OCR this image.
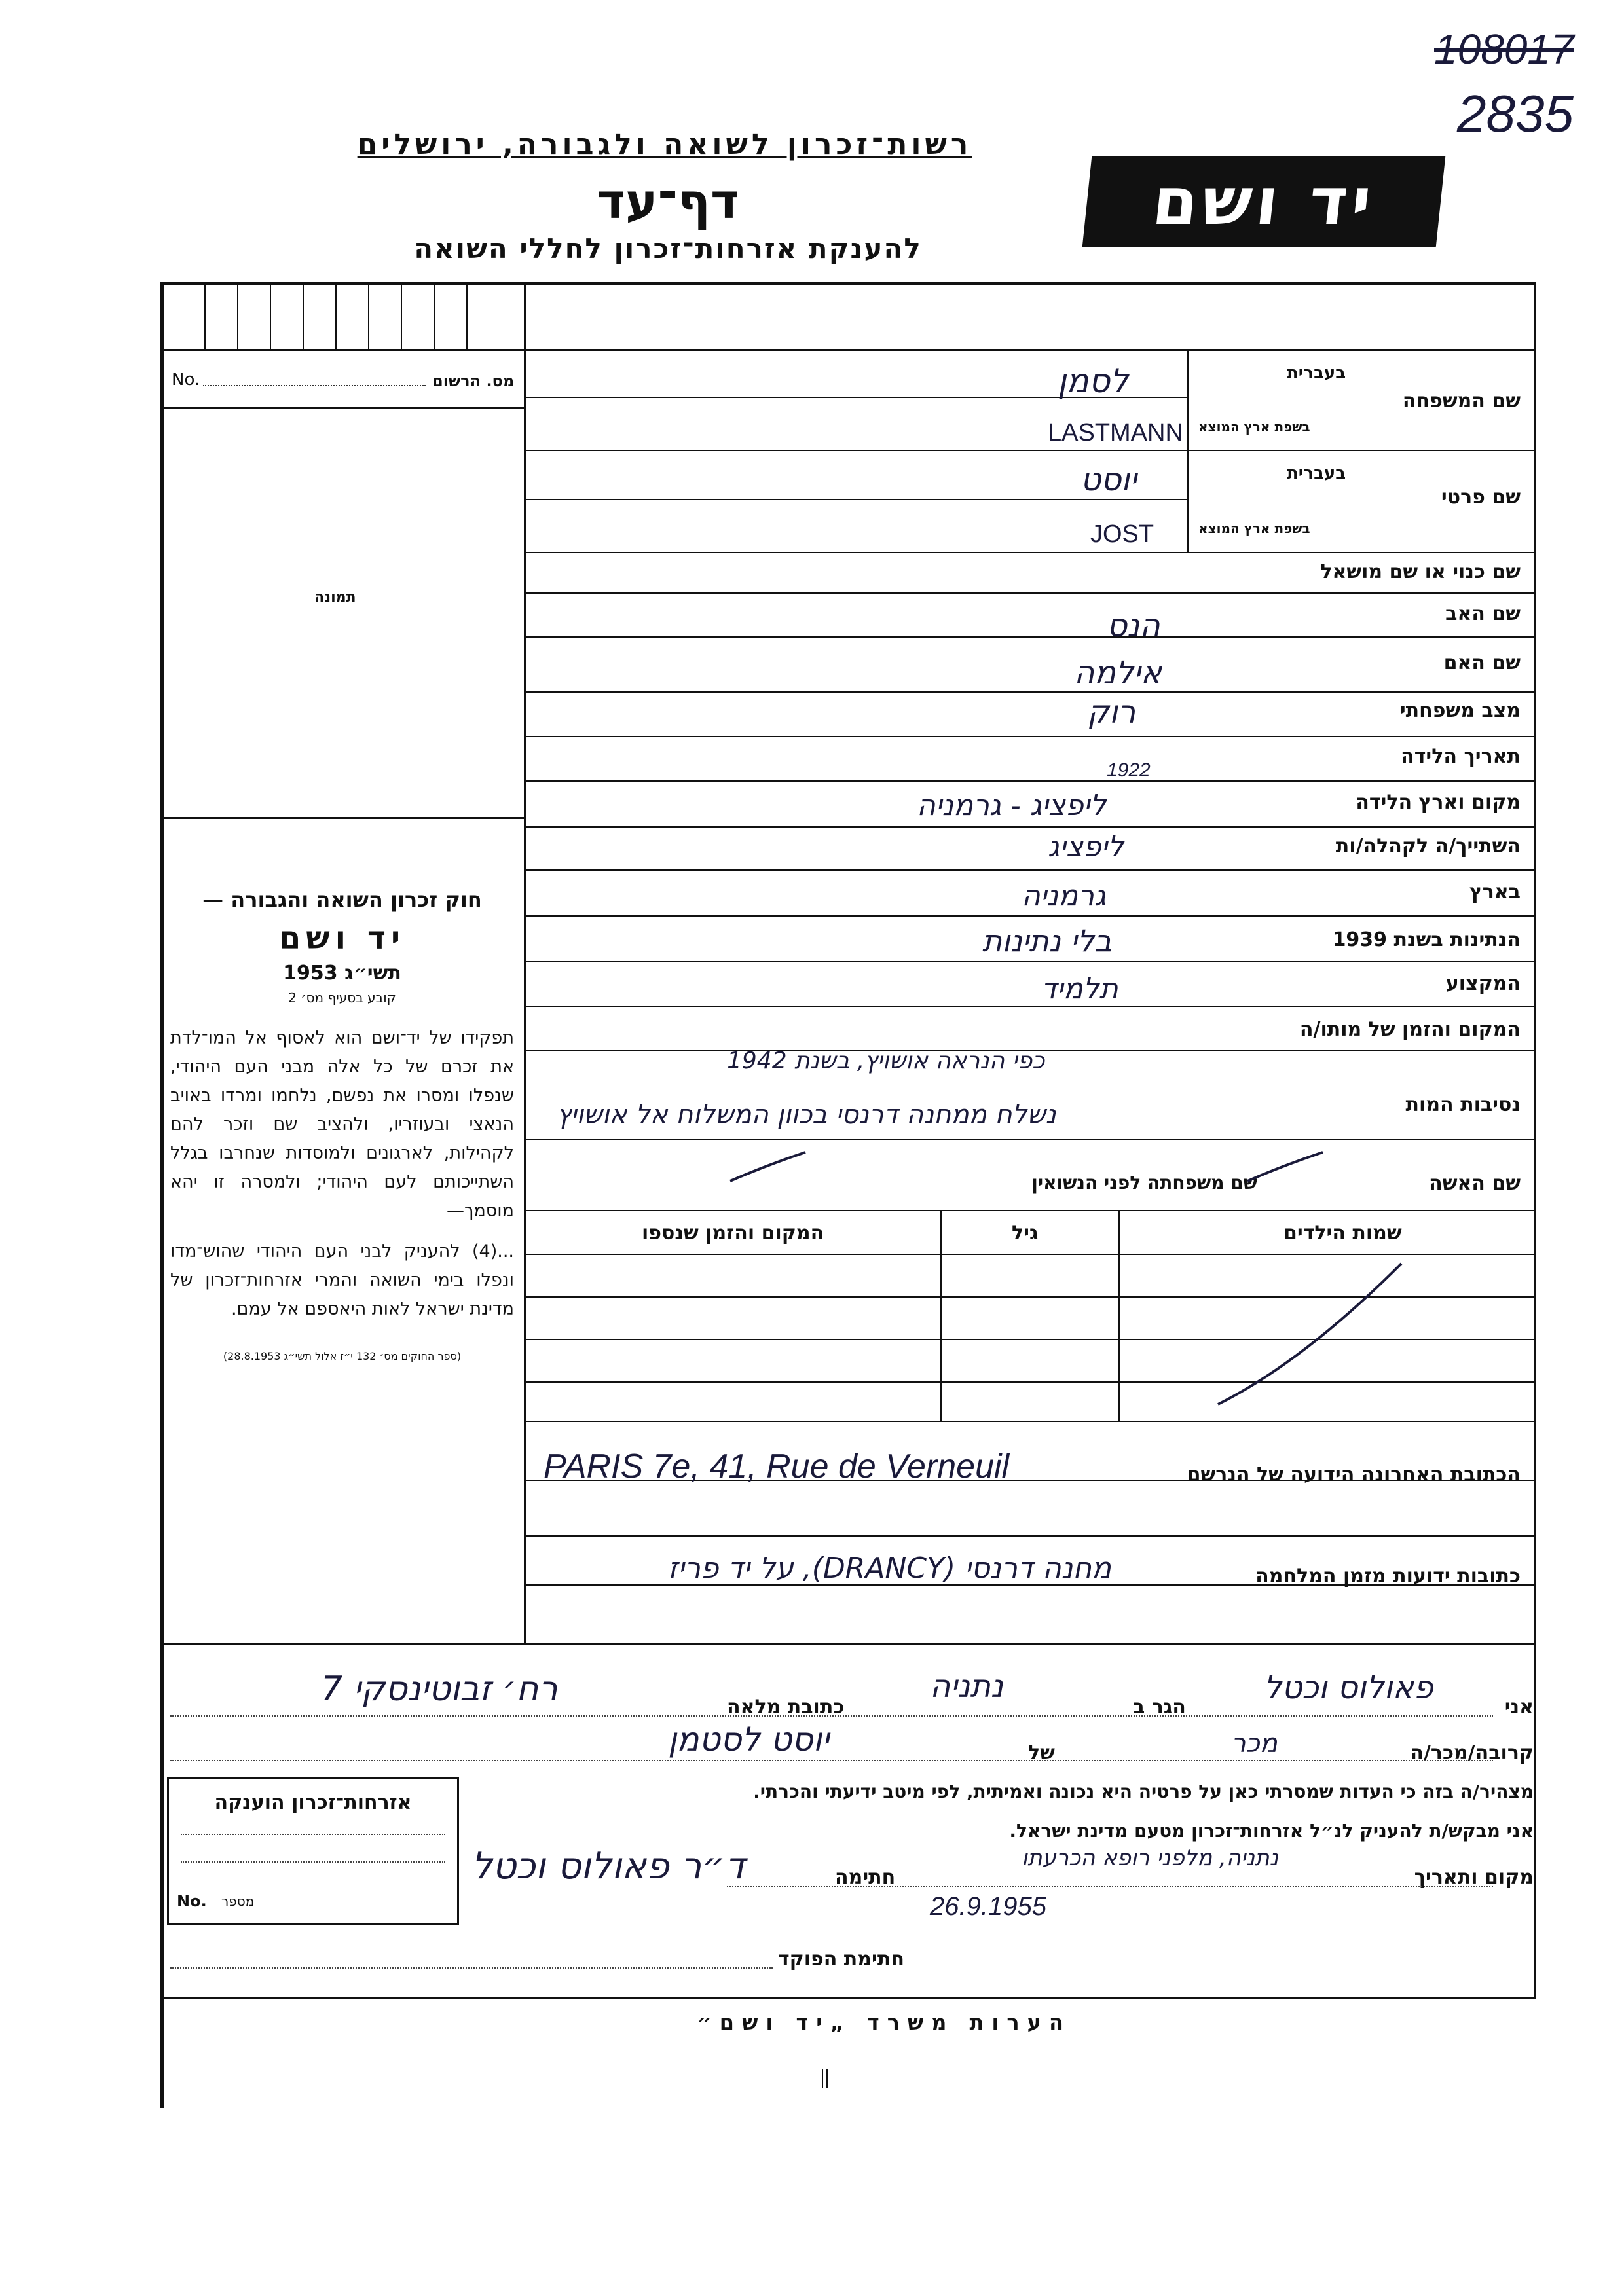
108017
2835
רשות־זכרון לשואה ולגבורה, ירושלים
דף־עד
להענקת אזרחות־זכרון לחללי השואה
יד ושם
No.	מס. הרשום
תמונה

חוק זכרון השואה והגבורה —

יד ושם

תשי״ג 1953

קובע בסעיף מס׳ 2

תפקידו של יד־ושם הוא לאסוף אל המו־לדת את זכרם של כל אלה מבני העם היהודי, שנפלו ומסרו את נפשם, נלחמו ומרדו באויב הנאצי ובעוזריו, ולהציב שם וזכר להם לקהילות, לארגונים ולמוסדות שנחרבו בגלל השתייכותם לעם היהודי; ולמסרה זו יהא מוסמך—

...(4) להעניק לבני העם היהודי שהוש־מדו ונפלו בימי השואה והמרי אזרחות־זכרון של מדינת ישראל לאות היאספם אל עמם.

(ספר החוקים מס׳ 132 י״ז אלול תשי״ג 28.8.1953)

שם המשפחה
בעברית
בשפת ארץ המוצא
לסמן
LASTMANN
שם פרטי
בעברית
בשפת ארץ המוצא
יוסט
JOST
שם כנוי או שם מושאל
שם האב
הנס
שם האם
אילמה
מצב משפחתי
רוק
תאריך הלידה
1922
מקום וארץ הלידה
ליפציג - גרמניה
השתייך/ה לקהלה/ות
ליפציג
בארץ
גרמניה
הנתינות בשנת 1939
בלי נתינות
המקצוע
תלמיד
המקום והזמן של מותו/ה
כפי הנראה אושויץ, בשנת 1942
נסיבות המות
נשלח ממחנה דרנסי בכוון המשלוח אל אושויץ
שם האשה
שם משפחתה לפני הנשואין
שמות הילדים
גיל
המקום והזמן שנספו
הכתובת האחרונה הידועה של הנרשם
PARIS 7e, 41, Rue de Verneuil
כתובות ידועות מזמן המלחמה
מחנה דרנסי (DRANCY), על יד פריז
אני
פאולוס וכטל
הגר ב
נתניה
כתובת מלאה
רח׳ זבוטינסקי 7
קרובה/מכר/ה
מכר
של
יוסט לסטמן
מצהיר/ה בזה כי העדות שמסרתי כאן על פרטיה היא נכונה ואמיתית, לפי מיטב ידיעתי והכרתי.
אני מבקש/ת להעניק לנ״ל אזרחות־זכרון מטעם מדינת ישראל.
מקום ותאריך
נתניה, מלפני רופא הכרעתו
26.9.1955
חתימה
ד״ר פאולוס וכטל
חתימת הפוקד
אזרחות־זכרון הוענקה
No. מספר
הערות משרד „יד ושם״
